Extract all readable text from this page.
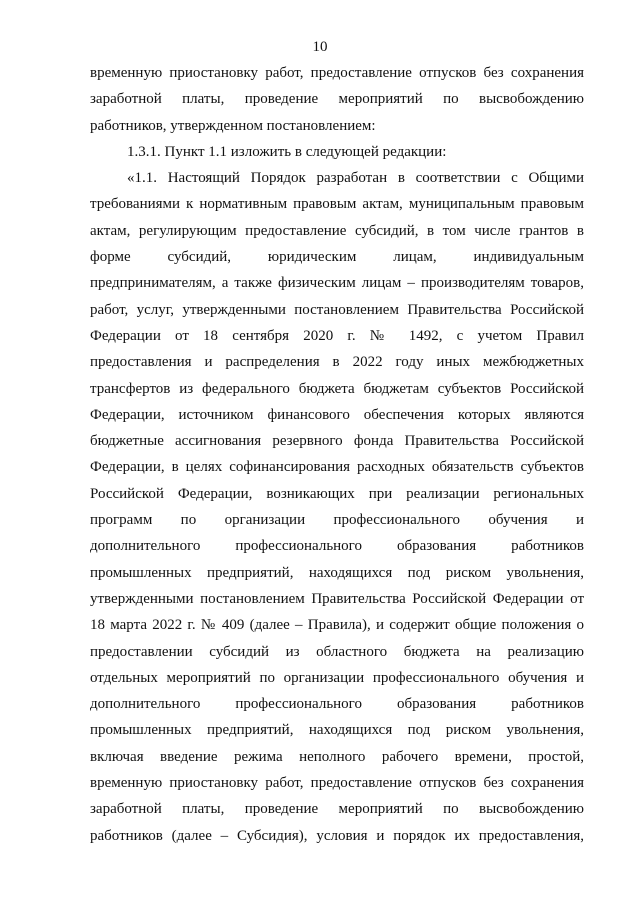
10
временную приостановку работ, предоставление отпусков без сохранения
заработной платы, проведение мероприятий по высвобождению
работников, утвержденном постановлением:
1.3.1. Пункт 1.1 изложить в следующей редакции:
«1.1. Настоящий Порядок разработан в соответствии с Общими
требованиями к нормативным правовым актам, муниципальным правовым
актам, регулирующим предоставление субсидий, в том числе грантов в
форме субсидий, юридическим лицам, индивидуальным
предпринимателям, а также физическим лицам – производителям товаров,
работ, услуг, утвержденными постановлением Правительства Российской
Федерации от 18 сентября 2020 г. № 1492, с учетом Правил
предоставления и распределения в 2022 году иных межбюджетных
трансфертов из федерального бюджета бюджетам субъектов Российской
Федерации, источником финансового обеспечения которых являются
бюджетные ассигнования резервного фонда Правительства Российской
Федерации, в целях софинансирования расходных обязательств субъектов
Российской Федерации, возникающих при реализации региональных
программ по организации профессионального обучения и
дополнительного профессионального образования работников
промышленных предприятий, находящихся под риском увольнения,
утвержденными постановлением Правительства Российской Федерации от
18 марта 2022 г. № 409 (далее – Правила), и содержит общие положения о
предоставлении субсидий из областного бюджета на реализацию
отдельных мероприятий по организации профессионального обучения и
дополнительного профессионального образования работников
промышленных предприятий, находящихся под риском увольнения,
включая введение режима неполного рабочего времени, простой,
временную приостановку работ, предоставление отпусков без сохранения
заработной платы, проведение мероприятий по высвобождению
работников (далее – Субсидия), условия и порядок их предоставления,
